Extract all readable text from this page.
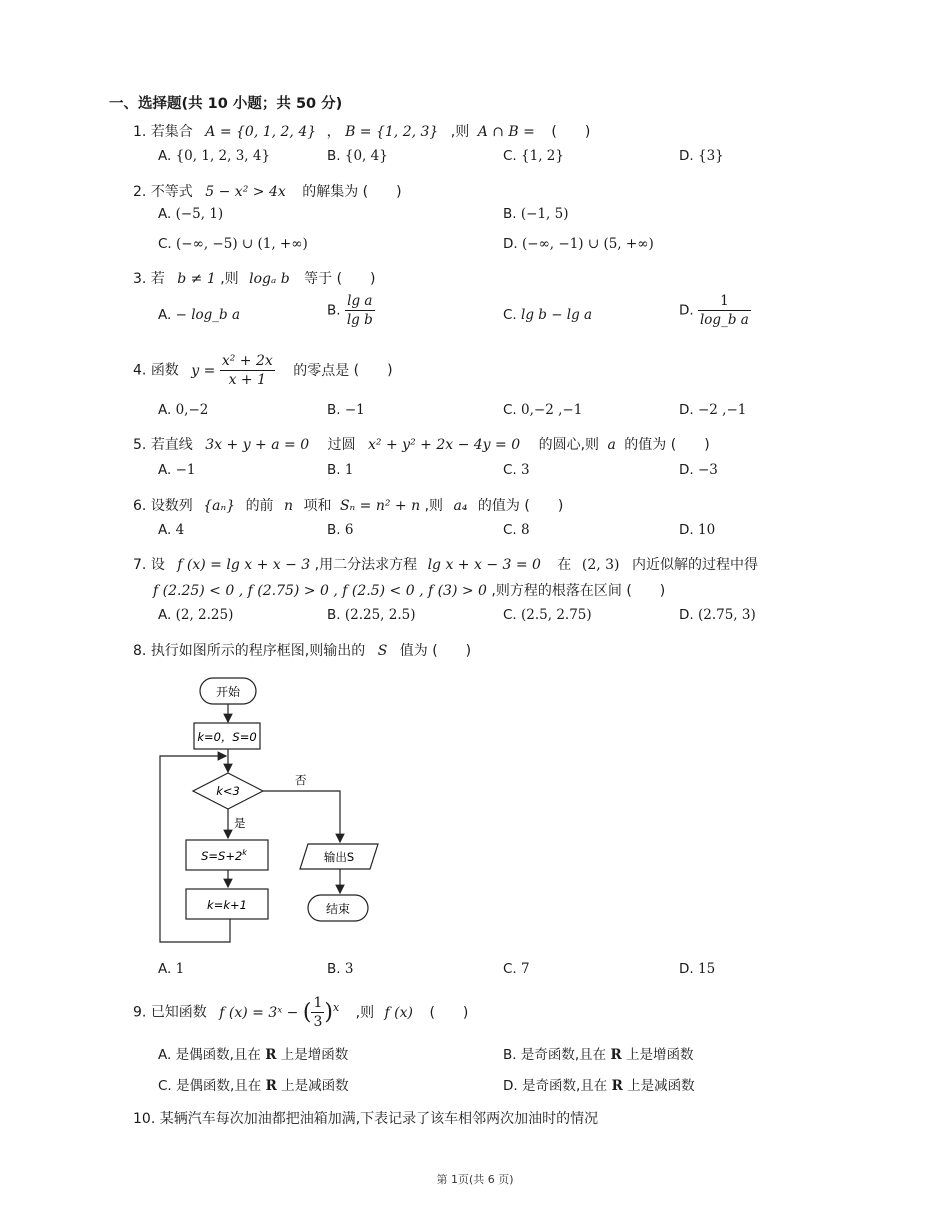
一、选择题(共 10 小题；共 50 分)
1. 若集合 A = {0, 1, 2, 4} ， B = {1, 2, 3} ,则 A ∩ B = (　　)
A. {0, 1, 2, 3, 4}	B. {0, 4}	C. {1, 2}	D. {3}
2. 不等式 5 − x² > 4x 的解集为 (　　)
A. (−5, 1)	B. (−1, 5)
C. (−∞, −5) ∪ (1, +∞)	D. (−∞, −1) ∪ (5, +∞)
3. 若 b ≠ 1 ,则 logₐ b 等于 (　　)
A. − log_b a	B. $\frac{\text{lg a}}{\text{lg b}}$	C. lg b − lg a	D. $\frac{1}{\text{log\_b a}}$
4. 函数 $y = \frac{\text{x² + 2x}}{x + 1}$ 的零点是 (　　)
A. 0,−2	B. −1	C. 0,−2 ,−1	D. −2 ,−1
5. 若直线 3x + y + a = 0 过圆 x² + y² + 2x − 4y = 0 的圆心,则 a 的值为 (　　)
A. −1	B. 1	C. 3	D. −3
6. 设数列 {aₙ} 的前 n 项和 Sₙ = n² + n ,则 a₄ 的值为 (　　)
A. 4	B. 6	C. 8	D. 10
7. 设 f (x) = lg x + x − 3 ,用二分法求方程 lg x + x − 3 = 0 在 (2, 3) 内近似解的过程中得
f (2.25) < 0 , f (2.75) > 0 , f (2.5) < 0 , f (3) > 0 ,则方程的根落在区间 (　　)
A. (2, 2.25)	B. (2.25, 2.5)	C. (2.5, 2.75)	D. (2.75, 3)
8. 执行如图所示的程序框图,则输出的 S 值为 (　　)
开始
k=0，S=0
k<3
否
是
$S=S+2^k$
k=k+1
输出S
结束
A. 1	B. 3	C. 7	D. 15
9. 已知函数 f (x) = 3ˣ − ( $\frac{1}{3} )^x$ ,则 f (x) (　　)
A. 是偶函数,且在 R 上是增函数	B. 是奇函数,且在 R 上是增函数
C. 是偶函数,且在 R 上是减函数	D. 是奇函数,且在 R 上是减函数
10. 某辆汽车每次加油都把油箱加满,下表记录了该车相邻两次加油时的情况
第 1页(共 6 页)
